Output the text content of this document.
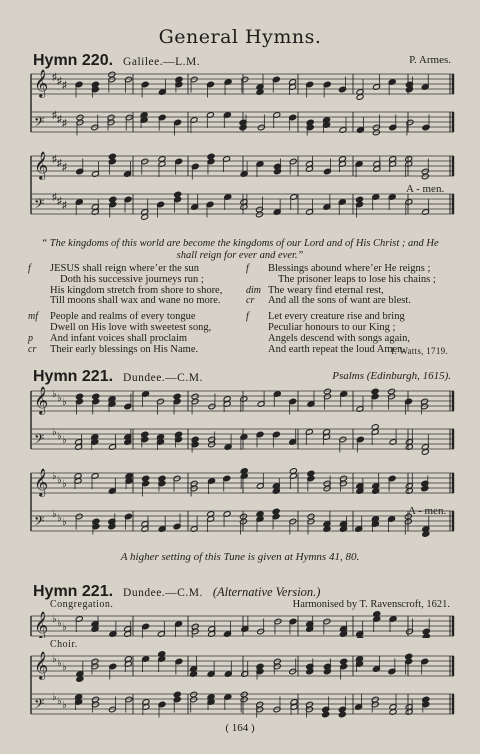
General Hymns.
Hymn 220. Galilee.—L.M.	P. Armes.
𝄞 ♯ ♯ ♯
𝄢 ♯ ♯ ♯
𝄞 ♯ ♯ ♯
𝄢 ♯ ♯ ♯
A - men.
“ The kingdoms of this world are become the kingdoms of our Lord and of His Christ ; and He shall reign for ever and ever.”
f	JESUS shall reign where’er the sun
Doth his successive journeys run ;
His kingdom stretch from shore to shore,
Till moons shall wax and wane no more.
mf	People and realms of every tongue
Dwell on His love with sweetest song,
p	And infant voices shall proclaim
cr	Their early blessings on His Name.
f	Blessings abound where’er He reigns ;
The prisoner leaps to lose his chains ;
dim The weary find eternal rest,
cr	And all the sons of want are blest.
f	Let every creature rise and bring
Peculiar honours to our King ;
Angels descend with songs again,
And earth repeat the loud Amen.
I. Watts, 1719.
Hymn 221. Dundee.—C.M.	Psalms (Edinburgh, 1615).
𝄞 ♭ ♭ ♭
𝄢 ♭ ♭ ♭
𝄞 ♭ ♭ ♭
𝄢 ♭ ♭ ♭
A - men.
A higher setting of this Tune is given at Hymns 41, 80.
Hymn 221. Dundee.—C.M. (Alternative Version.)
Congregation.	Harmonised by T. Ravenscroft, 1621.
𝄞 ♭ ♭ ♭
Choir.
𝄞 ♭ ♭ ♭
𝄢 ♭ ♭ ♭
( 164 )
